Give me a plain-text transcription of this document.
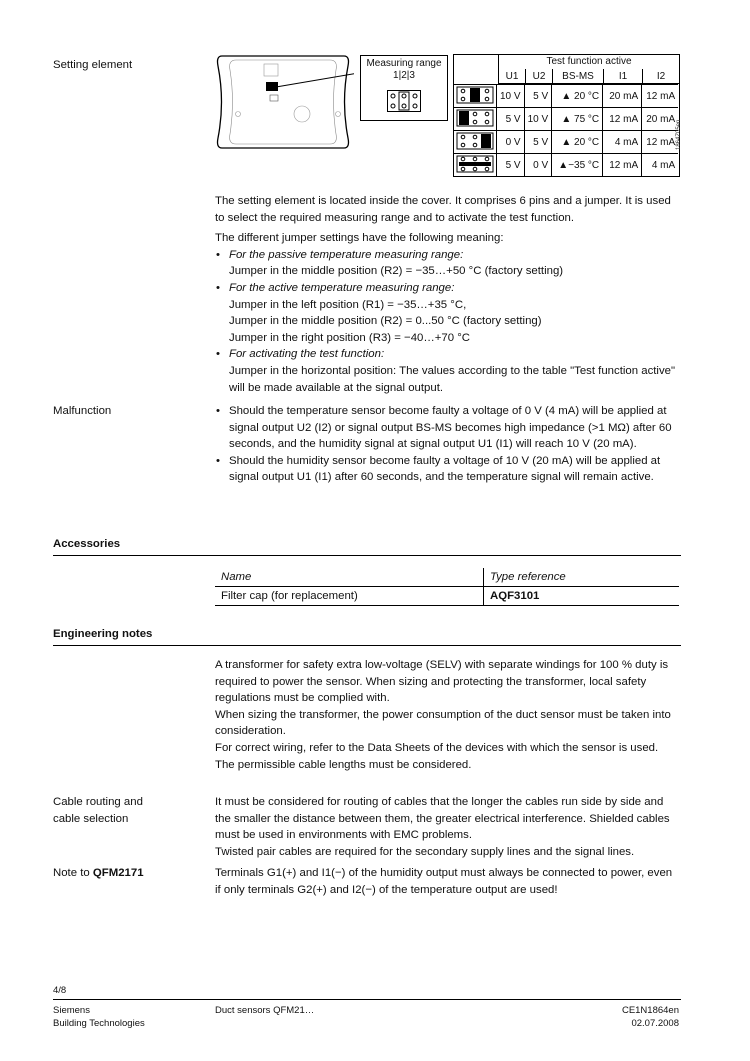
Setting element	Measuring range
1|2|3
Test function active
U1	U2	BS-MS	I1	I2
	10 V	5 V	▲ 20 °C	20 mA	12 mA
	5 V	10 V	▲ 75 °C	12 mA	20 mA
	0 V	5 V	▲ 20 °C	4 mA	12 mA
	5 V	0 V	▲−35 °C	12 mA	4 mA
1864Z05en

The setting element is located inside the cover. It comprises 6 pins and a jumper. It is used to select the required measuring range and to activate the test function.

The different jumper settings have the following meaning:

• For the passive temperature measuring range:
Jumper in the middle position (R2) = −35…+50 °C (factory setting)
• For the active temperature measuring range:
Jumper in the left position (R1) = −35…+35 °C,
Jumper in the middle position (R2) = 0...50 °C (factory setting)
Jumper in the right position (R3) = −40…+70 °C
• For activating the test function:
Jumper in the horizontal position: The values according to the table "Test function active" will be made available at the signal output.
Malfunction	• Should the temperature sensor become faulty a voltage of 0 V (4 mA) will be applied at signal output U2 (I2) or signal output BS-MS becomes high impedance (>1 MΩ) after 60 seconds, and the humidity signal at signal output U1 (I1) will reach 10 V (20 mA).
• Should the humidity sensor become faulty a voltage of 10 V (20 mA) will be applied at signal output U1 (I1) after 60 seconds, and the temperature signal will remain active.
Accessories
Name	Type reference
Filter cap (for replacement)	AQF3101
Engineering notes

A transformer for safety extra low-voltage (SELV) with separate windings for 100 % duty is required to power the sensor. When sizing and protecting the transformer, local safety regulations must be complied with.

When sizing the transformer, the power consumption of the duct sensor must be taken into consideration.

For correct wiring, refer to the Data Sheets of the devices with which the sensor is used.

The permissible cable lengths must be considered.

Cable routing and
cable selection

It must be considered for routing of cables that the longer the cables run side by side and the smaller the distance between them, the greater electrical interference. Shielded cables must be used in environments with EMC problems.

Twisted pair cables are required for the secondary supply lines and the signal lines.

Note to QFM2171	Terminals G1(+) and I1(−) of the humidity output must always be connected to power, even if only terminals G2(+) and I2(−) of the temperature output are used!
4/8
Siemens
Building Technologies
Duct sensors QFM21…	CE1N1864en
02.07.2008
